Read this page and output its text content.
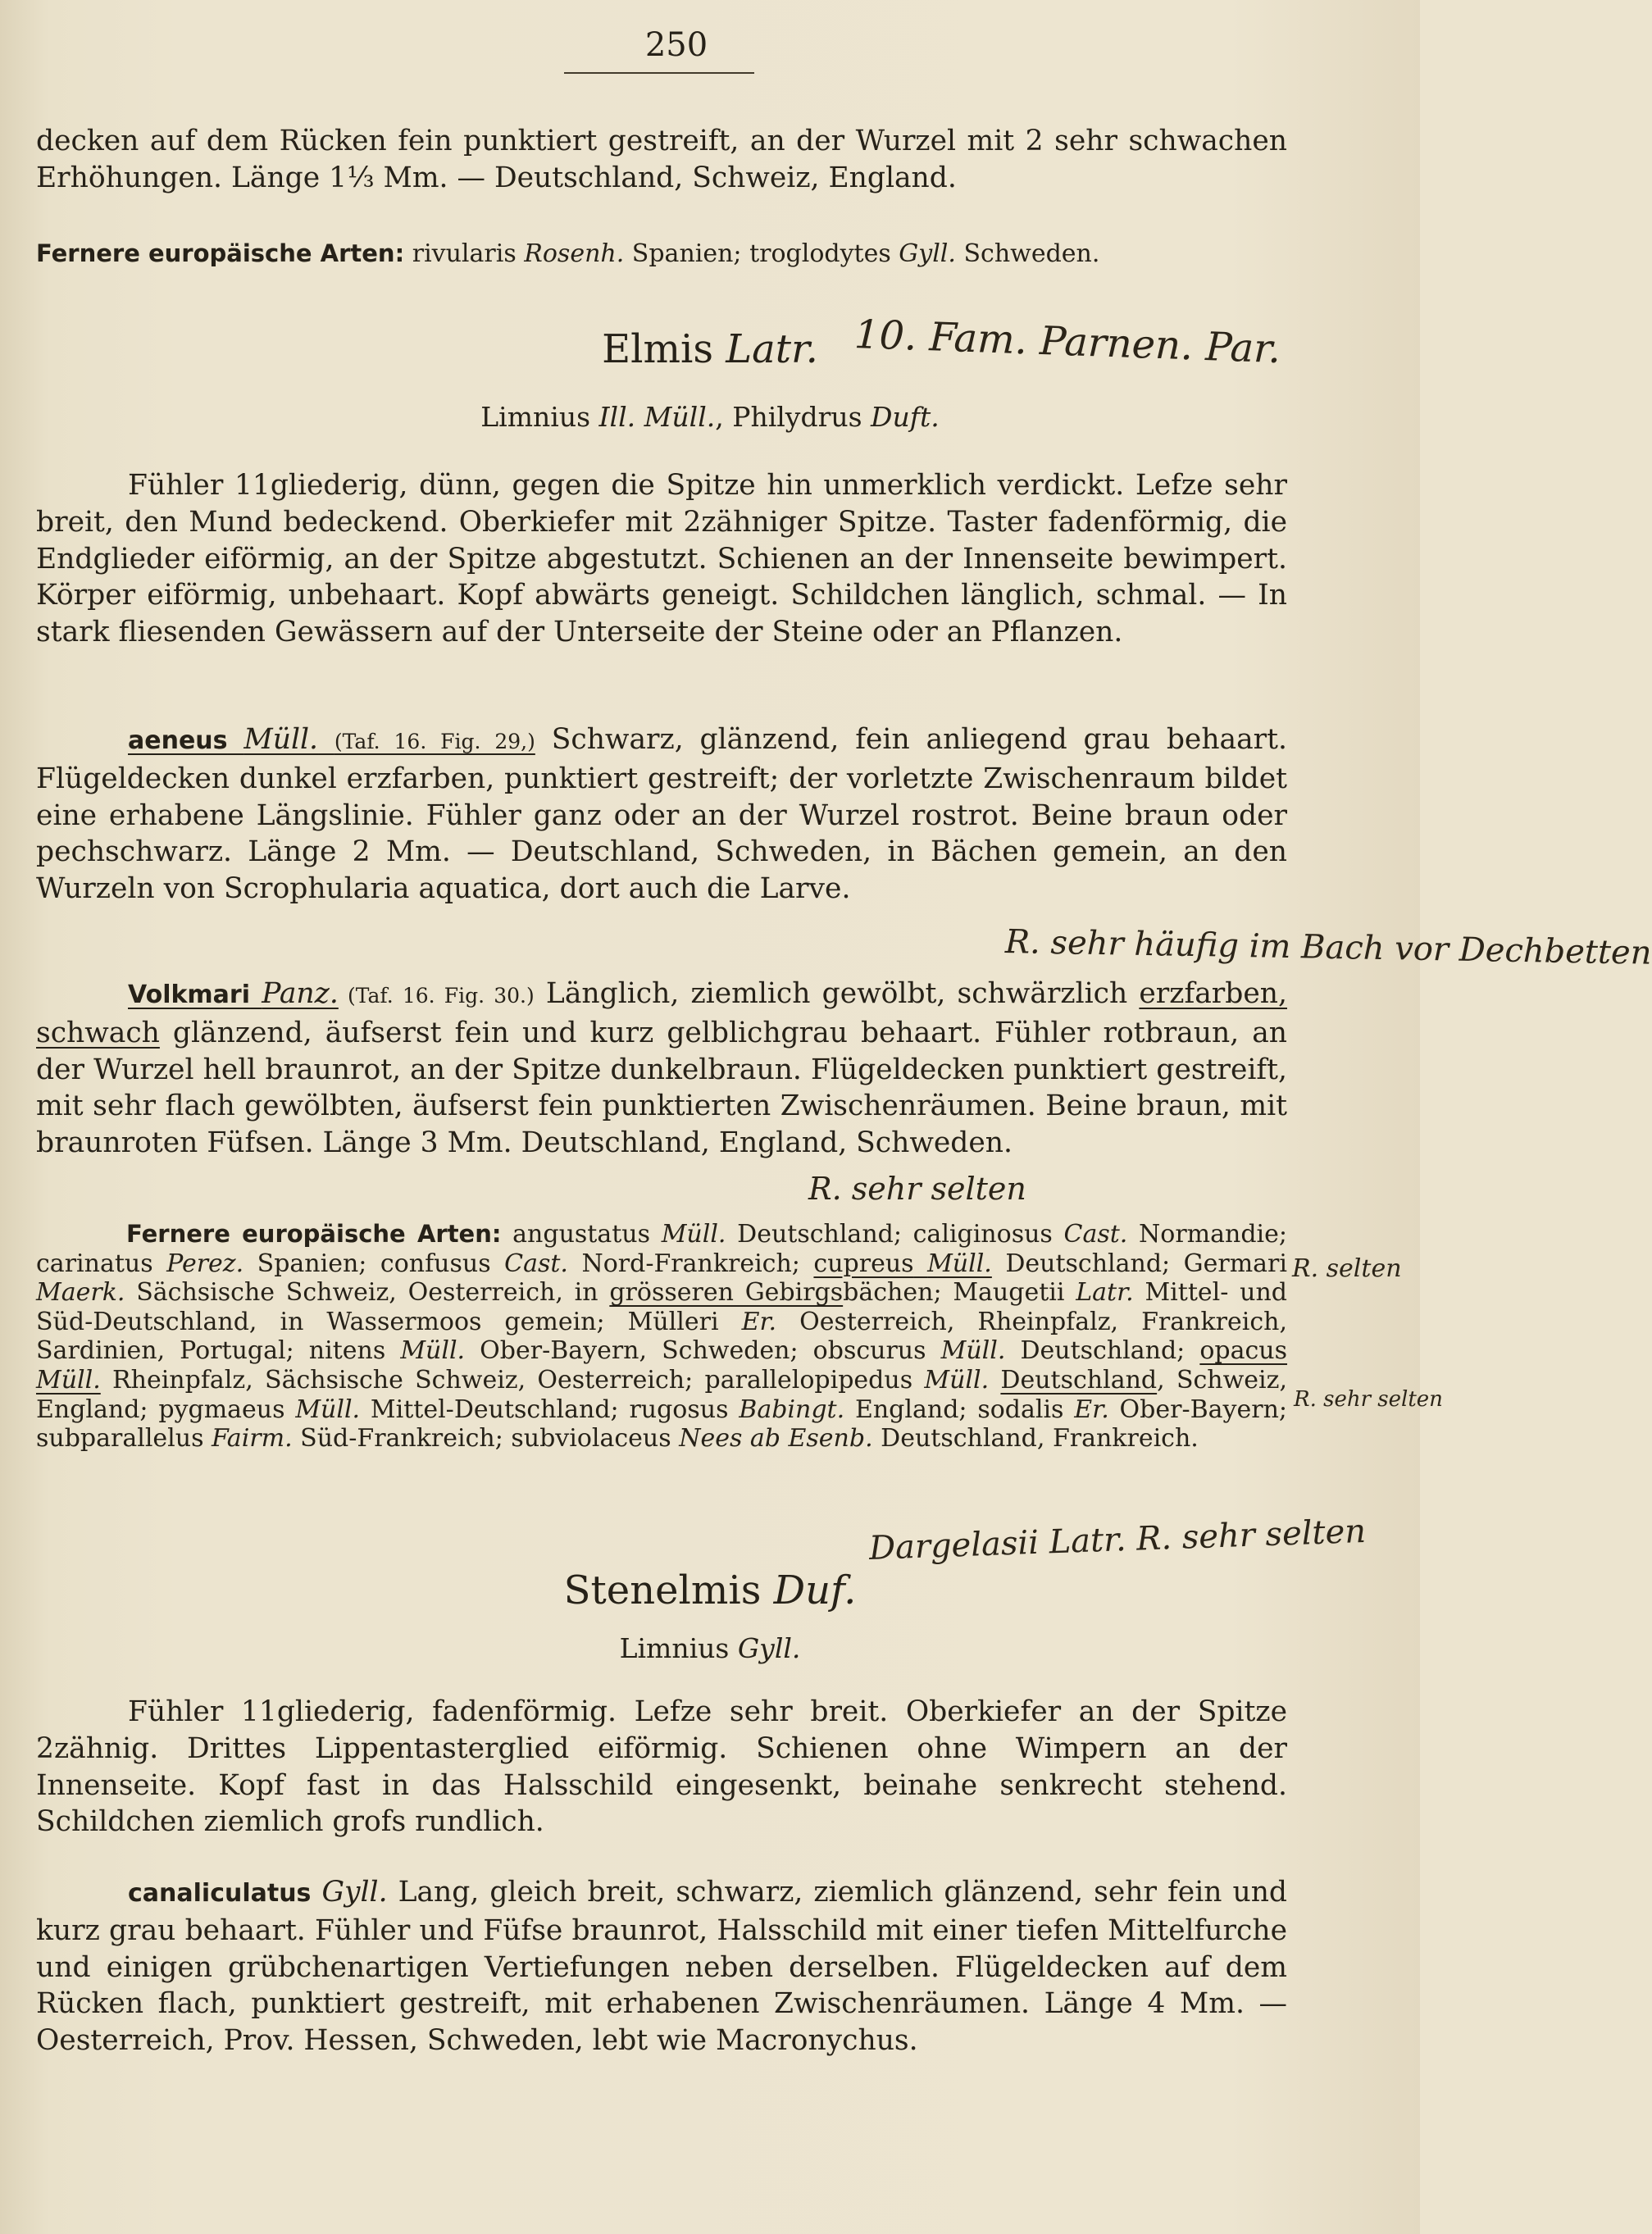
250
decken auf dem Rücken fein punktiert gestreift, an der Wurzel mit 2 sehr schwachen Erhöhungen. Länge 1⅓ Mm. — Deutschland, Schweiz, England.
Fernere europäische Arten: rivularis Rosenh. Spanien; troglodytes Gyll. Schweden.
Elmis Latr. 10. Fam. Parnen. Par.
Limnius Ill. Müll., Philydrus Duft.
Fühler 11gliederig, dünn, gegen die Spitze hin unmerklich verdickt. Lefze sehr breit, den Mund bedeckend. Oberkiefer mit 2zähniger Spitze. Taster fadenförmig, die Endglieder eiförmig, an der Spitze abgestutzt. Schienen an der Innenseite bewimpert. Körper eiförmig, unbehaart. Kopf abwärts geneigt. Schildchen länglich, schmal. — In stark fliesenden Gewässern auf der Unterseite der Steine oder an Pflanzen.
aeneus Müll. (Taf. 16. Fig. 29,) Schwarz, glänzend, fein anliegend grau behaart. Flügeldecken dunkel erzfarben, punktiert gestreift; der vorletzte Zwischenraum bildet eine erhabene Längslinie. Fühler ganz oder an der Wurzel rostrot. Beine braun oder pechschwarz. Länge 2 Mm. — Deutschland, Schweden, in Bächen gemein, an den Wurzeln von Scrophularia aquatica, dort auch die Larve.
R. sehr häufig im Bach vor Dechbetten
Volkmari Panz. (Taf. 16. Fig. 30.) Länglich, ziemlich gewölbt, schwärzlich erzfarben, schwach glänzend, äufserst fein und kurz gelblichgrau behaart. Fühler rotbraun, an der Wurzel hell braunrot, an der Spitze dunkelbraun. Flügeldecken punktiert gestreift, mit sehr flach gewölbten, äufserst fein punktierten Zwischenräumen. Beine braun, mit braunroten Füfsen. Länge 3 Mm. Deutschland, England, Schweden.
R. sehr selten
Fernere europäische Arten: angustatus Müll. Deutschland; caliginosus Cast. Normandie; carinatus Perez. Spanien; confusus Cast. Nord-Frankreich; cupreus Müll. Deutschland; Germari Maerk. Sächsische Schweiz, Oesterreich, in grösseren Gebirgsbächen; Maugetii Latr. Mittel- und Süd-Deutschland, in Wassermoos gemein; Mülleri Er. Oesterreich, Rheinpfalz, Frankreich, Sardinien, Portugal; nitens Müll. Ober-Bayern, Schweden; obscurus Müll. Deutschland; opacus Müll. Rheinpfalz, Sächsische Schweiz, Oesterreich; parallelopipedus Müll. Deutschland, Schweiz, England; pygmaeus Müll. Mittel-Deutschland; rugosus Babingt. England; sodalis Er. Ober-Bayern; subparallelus Fairm. Süd-Frankreich; subviolaceus Nees ab Esenb. Deutschland, Frankreich.
R. selten
R. sehr selten
Dargelasii Latr. R. sehr selten
Stenelmis Duf.
Limnius Gyll.
Fühler 11gliederig, fadenförmig. Lefze sehr breit. Oberkiefer an der Spitze 2zähnig. Drittes Lippentasterglied eiförmig. Schienen ohne Wimpern an der Innenseite. Kopf fast in das Halsschild eingesenkt, beinahe senkrecht stehend. Schildchen ziemlich grofs rundlich.
canaliculatus Gyll. Lang, gleich breit, schwarz, ziemlich glänzend, sehr fein und kurz grau behaart. Fühler und Füfse braunrot, Halsschild mit einer tiefen Mittelfurche und einigen grübchenartigen Vertiefungen neben derselben. Flügeldecken auf dem Rücken flach, punktiert gestreift, mit erhabenen Zwischenräumen. Länge 4 Mm. — Oesterreich, Prov. Hessen, Schweden, lebt wie Macronychus.
